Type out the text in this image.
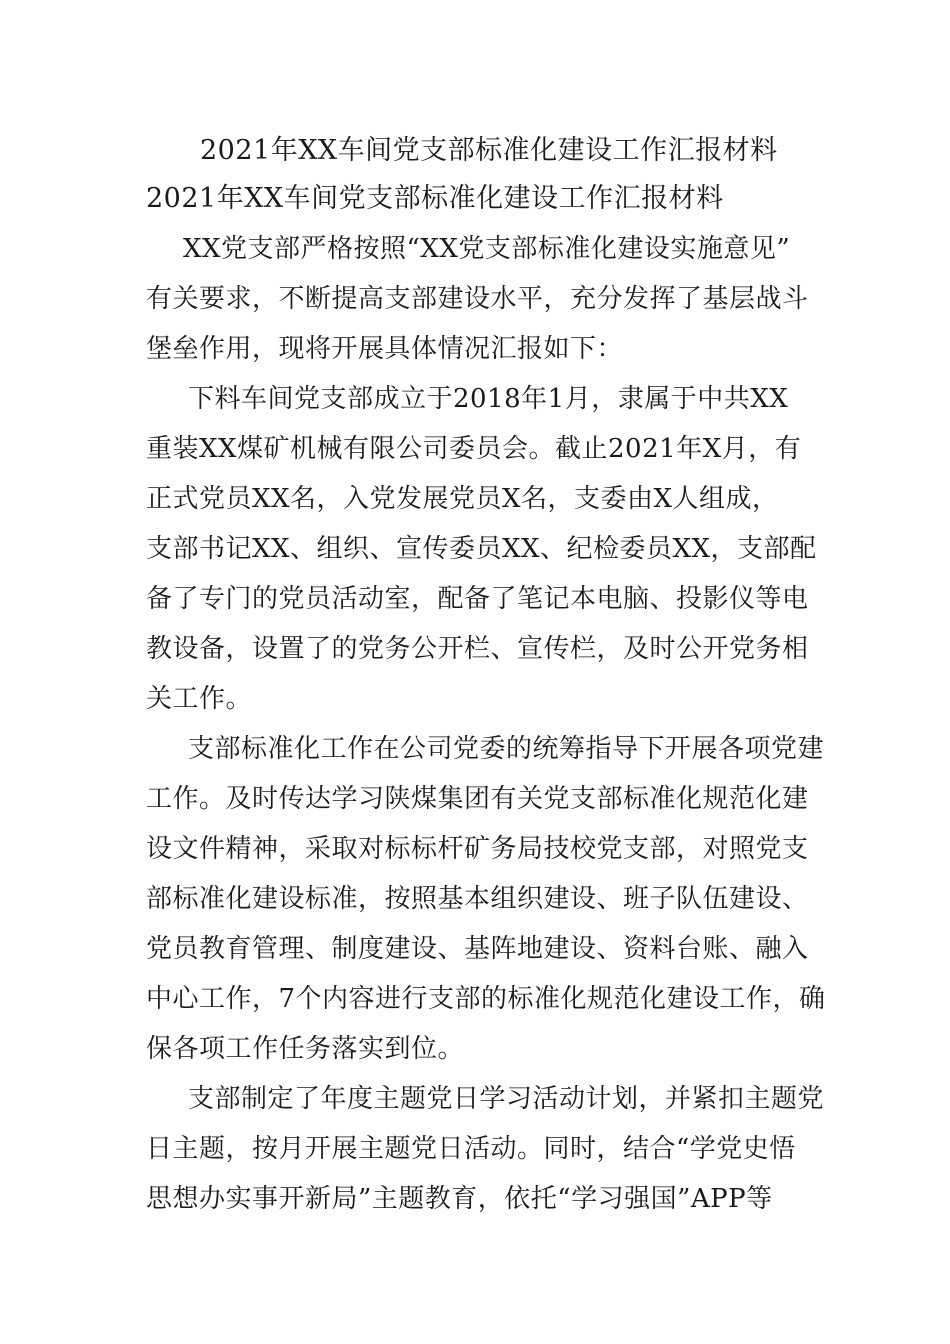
2021年XX车间党支部标准化建设工作汇报材料
2021年XX车间党支部标准化建设工作汇报材料
XX党支部严格按照“XX党支部标准化建设实施意见”
有关要求，不断提高支部建设水平，充分发挥了基层战斗
堡垒作用，现将开展具体情况汇报如下：
下料车间党支部成立于2018年1月，隶属于中共XX
重装XX煤矿机械有限公司委员会。截止2021年X月，有
正式党员XX名，入党发展党员X名，支委由X人组成，
支部书记XX、组织、宣传委员XX、纪检委员XX，支部配
备了专门的党员活动室，配备了笔记本电脑、投影仪等电
教设备，设置了的党务公开栏、宣传栏，及时公开党务相
关工作。
支部标准化工作在公司党委的统筹指导下开展各项党建
工作。及时传达学习陕煤集团有关党支部标准化规范化建
设文件精神，采取对标标杆矿务局技校党支部，对照党支
部标准化建设标准，按照基本组织建设、班子队伍建设、
党员教育管理、制度建设、基阵地建设、资料台账、融入
中心工作，7个内容进行支部的标准化规范化建设工作，确
保各项工作任务落实到位。
支部制定了年度主题党日学习活动计划，并紧扣主题党
日主题，按月开展主题党日活动。同时，结合“学党史悟
思想办实事开新局”主题教育，依托“学习强国”APP等
